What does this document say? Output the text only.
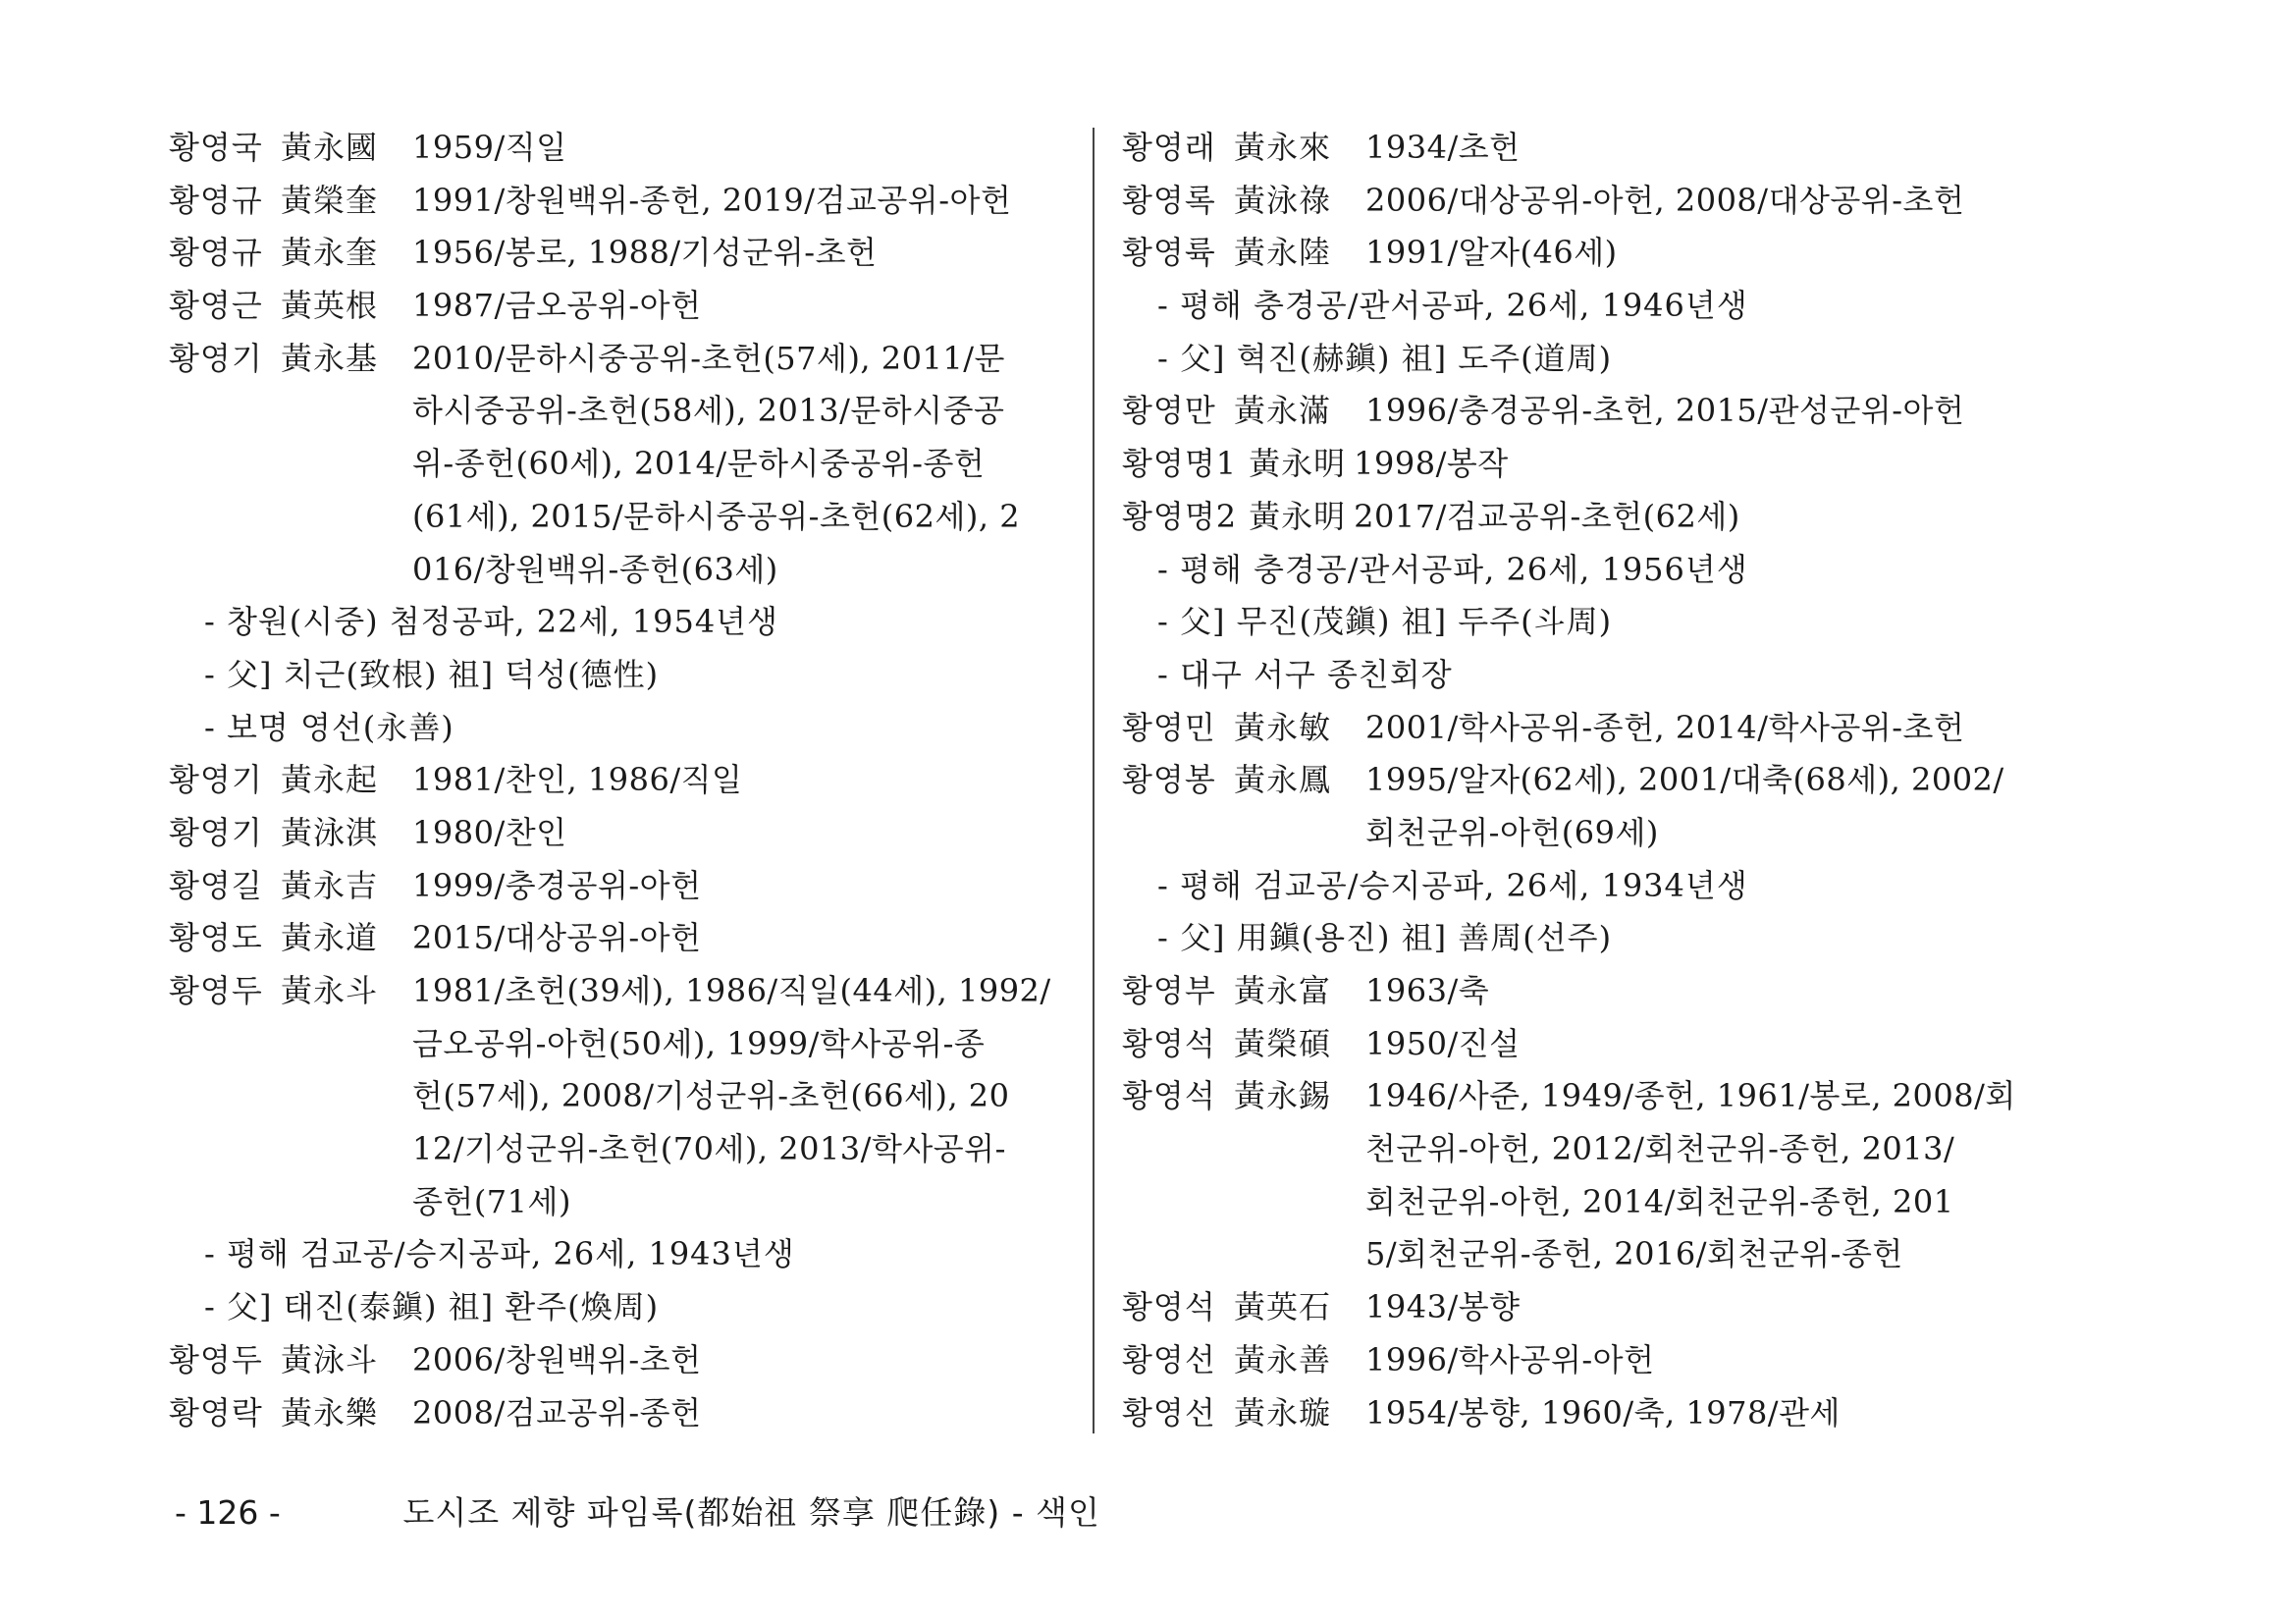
황영국 黃永國 1959/직일
황영규 黃榮奎 1991/창원백위-종헌, 2019/검교공위-아헌
황영규 黃永奎 1956/봉로, 1988/기성군위-초헌
황영근 黃英根 1987/금오공위-아헌
황영기 黃永基 2010/문하시중공위-초헌(57세), 2011/문
하시중공위-초헌(58세), 2013/문하시중공
위-종헌(60세), 2014/문하시중공위-종헌
(61세), 2015/문하시중공위-초헌(62세), 2
016/창원백위-종헌(63세)
- 창원(시중) 첨정공파, 22세, 1954년생
- 父] 치근(致根) 祖] 덕성(德性)
- 보명 영선(永善)
황영기 黃永起 1981/찬인, 1986/직일
황영기 黃泳淇 1980/찬인
황영길 黃永吉 1999/충경공위-아헌
황영도 黃永道 2015/대상공위-아헌
황영두 黃永斗 1981/초헌(39세), 1986/직일(44세), 1992/
금오공위-아헌(50세), 1999/학사공위-종
헌(57세), 2008/기성군위-초헌(66세), 20
12/기성군위-초헌(70세), 2013/학사공위-
종헌(71세)
- 평해 검교공/승지공파, 26세, 1943년생
- 父] 태진(泰鎭) 祖] 환주(煥周)
황영두 黃泳斗 2006/창원백위-초헌
황영락 黃永樂 2008/검교공위-종헌
황영래 黃永來 1934/초헌
황영록 黃泳祿 2006/대상공위-아헌, 2008/대상공위-초헌
황영륙 黃永陸 1991/알자(46세)
- 평해 충경공/관서공파, 26세, 1946년생
- 父] 혁진(赫鎭) 祖] 도주(道周)
황영만 黃永滿 1996/충경공위-초헌, 2015/관성군위-아헌
황영명1 黃永明 1998/봉작
황영명2 黃永明 2017/검교공위-초헌(62세)
- 평해 충경공/관서공파, 26세, 1956년생
- 父] 무진(茂鎭) 祖] 두주(斗周)
- 대구 서구 종친회장
황영민 黃永敏 2001/학사공위-종헌, 2014/학사공위-초헌
황영봉 黃永鳳 1995/알자(62세), 2001/대축(68세), 2002/
회천군위-아헌(69세)
- 평해 검교공/승지공파, 26세, 1934년생
- 父] 用鎭(용진) 祖] 善周(선주)
황영부 黃永富 1963/축
황영석 黃榮碩 1950/진설
황영석 黃永錫 1946/사준, 1949/종헌, 1961/봉로, 2008/회
천군위-아헌, 2012/회천군위-종헌, 2013/
회천군위-아헌, 2014/회천군위-종헌, 201
5/회천군위-종헌, 2016/회천군위-종헌
황영석 黃英石 1943/봉향
황영선 黃永善 1996/학사공위-아헌
황영선 黃永璇 1954/봉향, 1960/축, 1978/관세
- 126 -	도시조 제향 파임록(都始祖 祭享 爬任錄) - 색인
